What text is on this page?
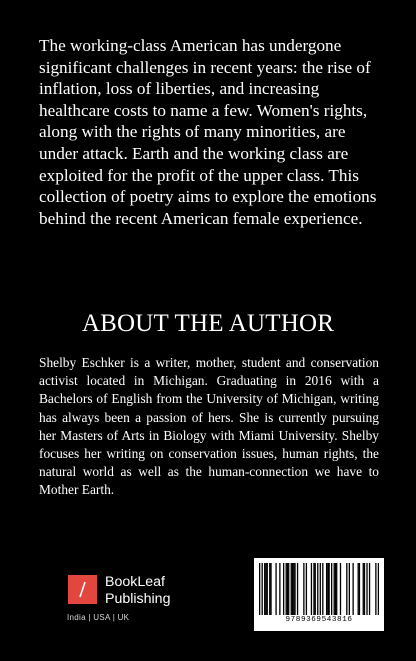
The working-class American has undergone significant challenges in recent years: the rise of inflation, loss of liberties, and increasing healthcare costs to name a few. Women's rights, along with the rights of many minorities, are under attack. Earth and the working class are exploited for the profit of the upper class. This collection of poetry aims to explore the emotions behind the recent American female experience.

ABOUT THE AUTHOR

Shelby Eschker is a writer, mother, student and conservation activist located in Michigan. Graduating in 2016 with a Bachelors of English from the University of Michigan, writing has always been a passion of hers. She is currently pursuing her Masters of Arts in Biology with Miami University. Shelby focuses her writing on conservation issues, human rights, the natural world as well as the human-connection we have to Mother Earth.

BookLeaf
Publishing
India | USA | UK	9789369543816
